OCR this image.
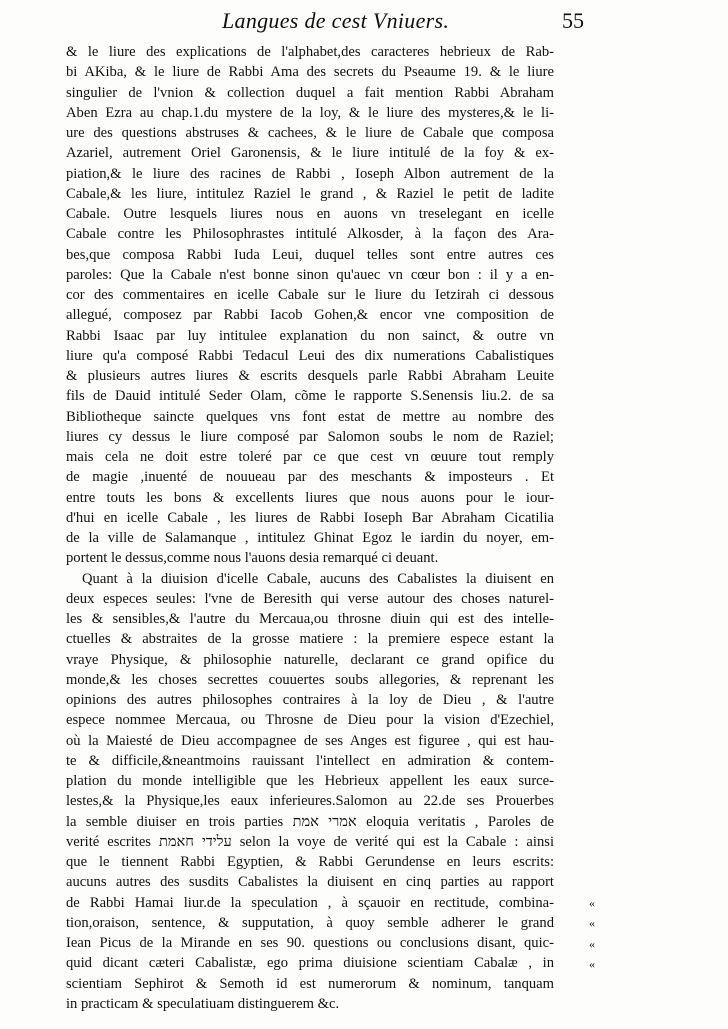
Langues de cest Vniuers.	55
& le liure des explications de l'alphabet,des caracteres hebrieux de Rab-
bi AKiba, & le liure de Rabbi Ama des secrets du Pseaume 19. & le liure
singulier de l'vnion & collection duquel a fait mention Rabbi Abraham
Aben Ezra au chap.1.du mystere de la loy, & le liure des mysteres,& le li-
ure des questions abstruses & cachees, & le liure de Cabale que composa
Azariel, autrement Oriel Garonensis, & le liure intitulé de la foy & ex-
piation,& le liure des racines de Rabbi , Ioseph Albon autrement de la
Cabale,& les liure, intitulez Raziel le grand , & Raziel le petit de ladite
Cabale. Outre lesquels liures nous en auons vn treselegant en icelle
Cabale contre les Philosophrastes intitulé Alkosder, à la façon des Ara-
bes,que composa Rabbi Iuda Leui, duquel telles sont entre autres ces
paroles: Que la Cabale n'est bonne sinon qu'auec vn cœur bon : il y a en-
cor des commentaires en icelle Cabale sur le liure du Ietzirah ci dessous
allegué, composez par Rabbi Iacob Gohen,& encor vne composition de
Rabbi Isaac par luy intitulee explanation du non sainct, & outre vn
liure qu'a composé Rabbi Tedacul Leui des dix numerations Cabalistiques
& plusieurs autres liures & escrits desquels parle Rabbi Abraham Leuite
fils de Dauid intitulé Seder Olam, cõme le rapporte S.Senensis liu.2. de sa
Bibliotheque saincte quelques vns font estat de mettre au nombre des
liures cy dessus le liure composé par Salomon soubs le nom de Raziel;
mais cela ne doit estre toleré par ce que cest vn œuure tout remply
de magie ,inuenté de nouueau par des meschants & imposteurs . Et
entre touts les bons & excellents liures que nous auons pour le iour-
d'hui en icelle Cabale , les liures de Rabbi Ioseph Bar Abraham Cicatilia
de la ville de Salamanque , intitulez Ghinat Egoz le iardin du noyer, em-
portent le dessus,comme nous l'auons desia remarqué ci deuant.
Quant à la diuision d'icelle Cabale, aucuns des Cabalistes la diuisent en
deux especes seules: l'vne de Beresith qui verse autour des choses naturel-
les & sensibles,& l'autre du Mercaua,ou throsne diuin qui est des intelle-
ctuelles & abstraites de la grosse matiere : la premiere espece estant la
vraye Physique, & philosophie naturelle, declarant ce grand opifice du
monde,& les choses secrettes couuertes soubs allegories, & reprenant les
opinions des autres philosophes contraires à la loy de Dieu , & l'autre
espece nommee Mercaua, ou Throsne de Dieu pour la vision d'Ezechiel,
où la Maiesté de Dieu accompagnee de ses Anges est figuree , qui est hau-
te & difficile,&neantmoins rauissant l'intellect en admiration & contem-
plation du monde intelligible que les Hebrieux appellent les eaux surce-
lestes,& la Physique,les eaux inferieures.Salomon au 22.de ses Prouerbes
la semble diuiser en trois parties אמרי אמת eloquia veritatis , Paroles de
verité escrites עלידי חאמת selon la voye de verité qui est la Cabale : ainsi
que le tiennent Rabbi Egyptien, & Rabbi Gerundense en leurs escrits:
aucuns autres des susdits Cabalistes la diuisent en cinq parties au rapport
de Rabbi Hamai liur.de la speculation , à sçauoir en rectitude, combina-
tion,oraison, sentence, & supputation, à quoy semble adherer le grand
Iean Picus de la Mirande en ses 90. questions ou conclusions disant, quic-
quid dicant cæteri Cabalistæ, ego prima diuisione scientiam Cabalæ , in
scientiam Sephirot & Semoth id est numerorum & nominum, tanquam
in practicam & speculatiuam distinguerem &c.
«
«
«
«
